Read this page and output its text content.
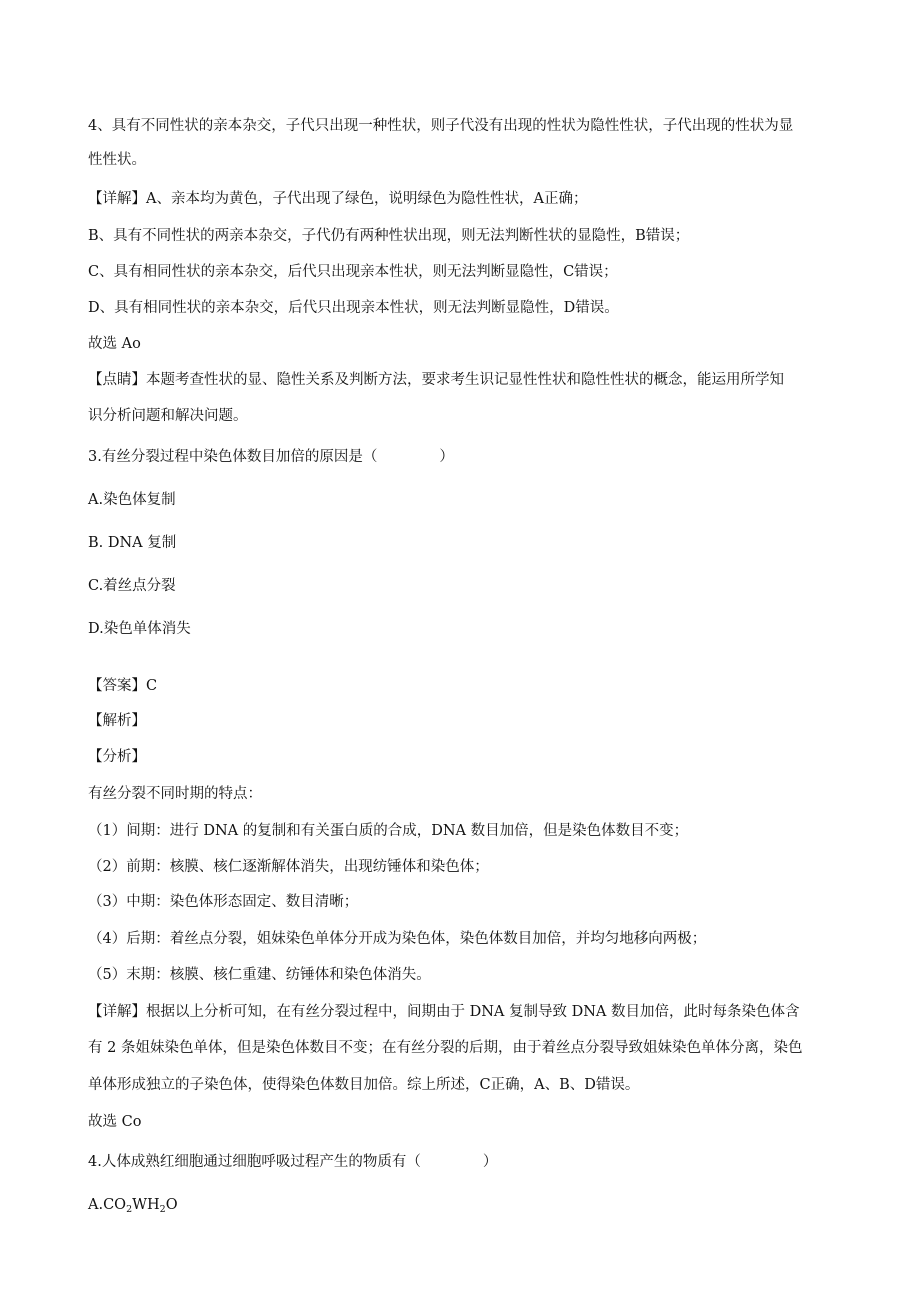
4、具有不同性状的亲本杂交，子代只出现一种性状，则子代没有出现的性状为隐性性状，子代出现的性状为显
性性状。
【详解】A、亲本均为黄色，子代出现了绿色，说明绿色为隐性性状，A正确；
B、具有不同性状的两亲本杂交，子代仍有两种性状出现，则无法判断性状的显隐性，B错误；
C、具有相同性状的亲本杂交，后代只出现亲本性状，则无法判断显隐性，C错误；
D、具有相同性状的亲本杂交，后代只出现亲本性状，则无法判断显隐性，D错误。
故选 Ao
【点睛】本题考查性状的显、隐性关系及判断方法，要求考生识记显性性状和隐性性状的概念，能运用所学知
识分析问题和解决问题。
3.有丝分裂过程中染色体数目加倍的原因是（	）
A.染色体复制
B. DNA 复制
C.着丝点分裂
D.染色单体消失
【答案】C
【解析】
【分析】
有丝分裂不同时期的特点：
（1）间期：进行 DNA 的复制和有关蛋白质的合成，DNA 数目加倍，但是染色体数目不变；
（2）前期：核膜、核仁逐渐解体消失，出现纺锤体和染色体；
（3）中期：染色体形态固定、数目清晰；
（4）后期：着丝点分裂，姐妹染色单体分开成为染色体，染色体数目加倍，并均匀地移向两极；
（5）末期：核膜、核仁重建、纺锤体和染色体消失。
【详解】根据以上分析可知，在有丝分裂过程中，间期由于 DNA 复制导致 DNA 数目加倍，此时每条染色体含
有 2 条姐妹染色单体，但是染色体数目不变；在有丝分裂的后期，由于着丝点分裂导致姐妹染色单体分离，染色
单体形成独立的子染色体，使得染色体数目加倍。综上所述，C正确，A、B、D错误。
故选 Co
4.人体成熟红细胞通过细胞呼吸过程产生的物质有（	）
$A.CO_2WH_2O$
